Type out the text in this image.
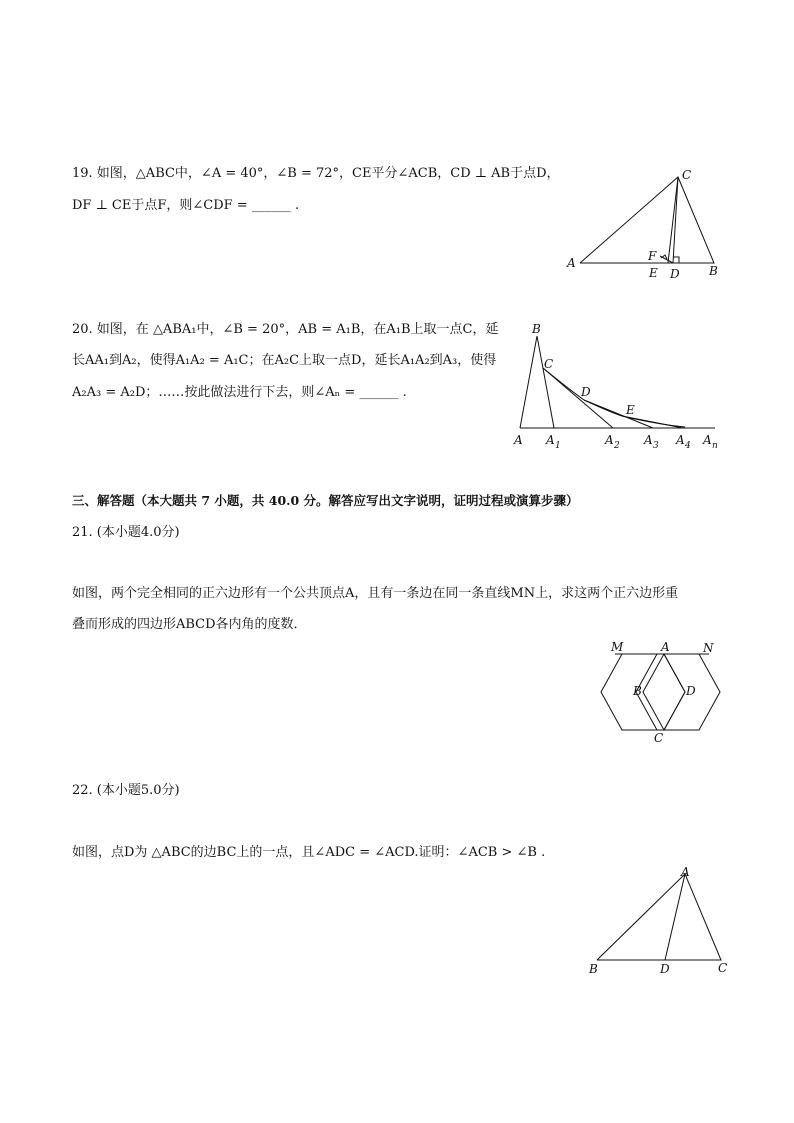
19. 如图，△ABC中，∠A = 40°，∠B = 72°，CE平分∠ACB，CD ⊥ AB于点D，
DF ⊥ CE于点F，则∠CDF = ______ .
C
A
B
F
E D
20. 如图，在 △ABA₁中，∠B = 20°，AB = A₁B，在A₁B上取一点C，延
长AA₁到A₂，使得A₁A₂ = A₁C；在A₂C上取一点D，延长A₁A₂到A₃，使得
A₂A₃ = A₂D；……按此做法进行下去，则∠Aₙ = ______ .
B
C
D
E
A A 1	A 2 A 3 A 4 A n
三、解答题（本大题共 7 小题，共 40.0 分。解答应写出文字说明，证明过程或演算步骤）
21. (本小题4.0分)
如图，两个完全相同的正六边形有一个公共顶点A，且有一条边在同一条直线MN上，求这两个正六边形重
叠而形成的四边形ABCD各内角的度数．
M	A	N
B	D
C
22. (本小题5.0分)
如图，点D为 △ABC的边BC上的一点，且∠ADC = ∠ACD.证明：∠ACB > ∠B .
A
B	D	C
